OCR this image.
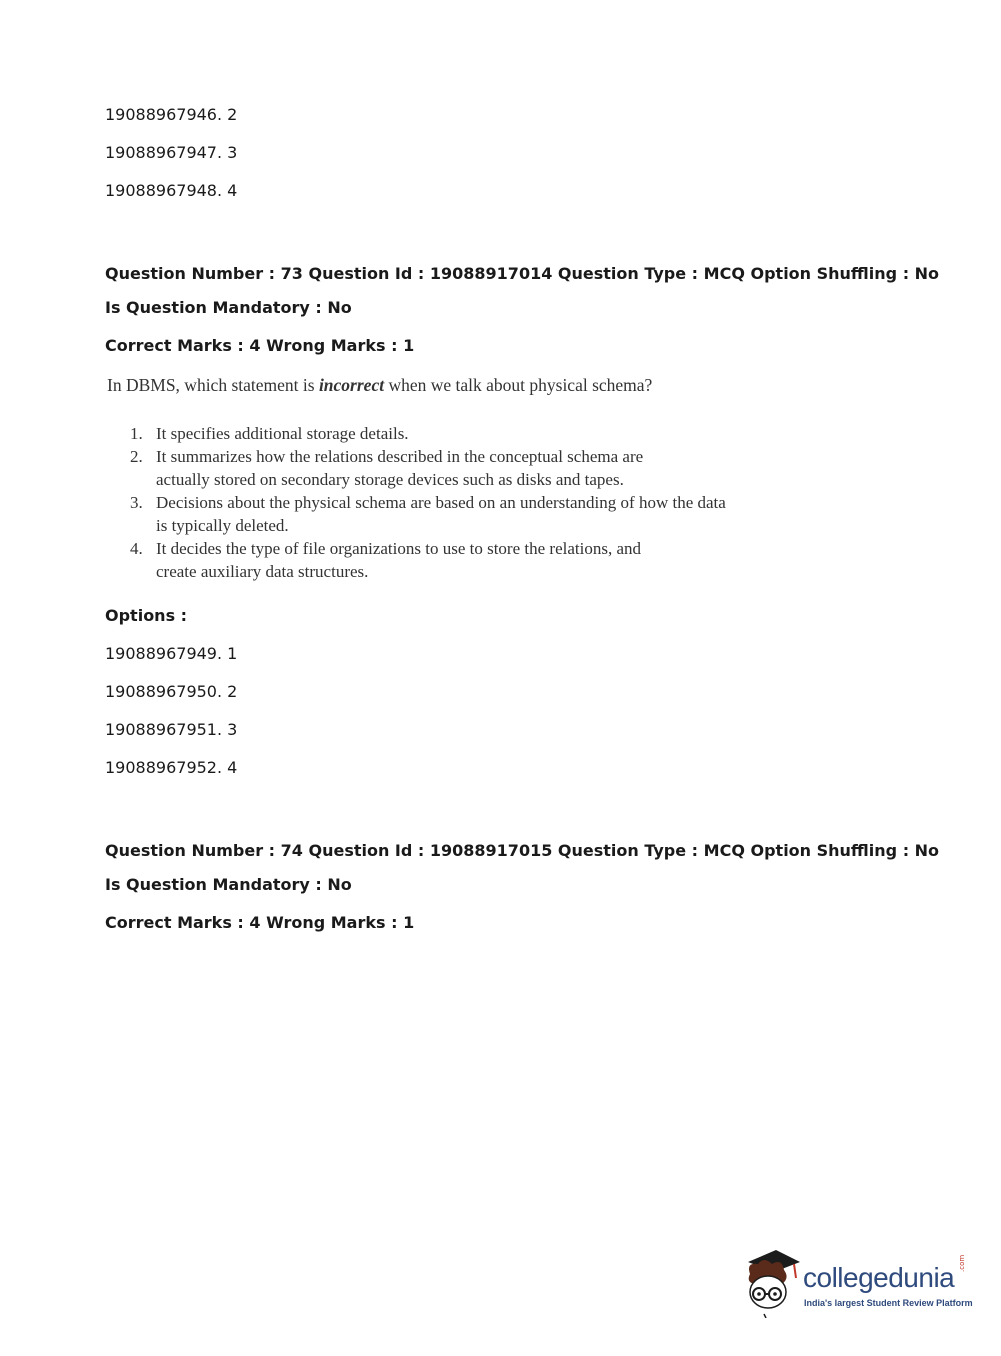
19088967946. 2
19088967947. 3
19088967948. 4
Question Number : 73 Question Id : 19088917014 Question Type : MCQ Option Shuffling : No
Is Question Mandatory : No
Correct Marks : 4 Wrong Marks : 1
In DBMS, which statement is incorrect when we talk about physical schema?
1. It specifies additional storage details.
2. It summarizes how the relations described in the conceptual schema are actually stored on secondary storage devices such as disks and tapes.
3. Decisions about the physical schema are based on an understanding of how the data is typically deleted.
4. It decides the type of file organizations to use to store the relations, and create auxiliary data structures.
Options :
19088967949. 1
19088967950. 2
19088967951. 3
19088967952. 4
Question Number : 74 Question Id : 19088917015 Question Type : MCQ Option Shuffling : No
Is Question Mandatory : No
Correct Marks : 4 Wrong Marks : 1
collegedunia .com
India's largest Student Review Platform
